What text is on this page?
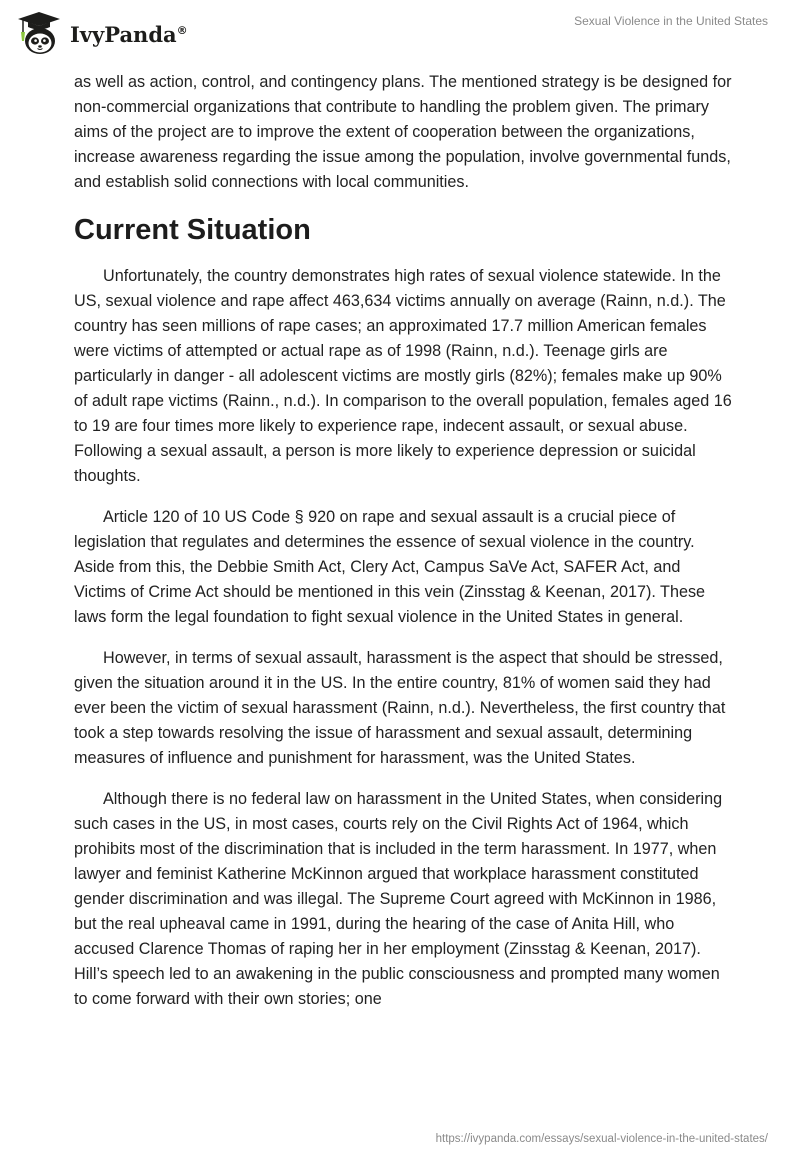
IvyPanda®
Sexual Violence in the United States

as well as action, control, and contingency plans. The mentioned strategy is be designed for non-commercial organizations that contribute to handling the problem given. The primary aims of the project are to improve the extent of cooperation between the organizations, increase awareness regarding the issue among the population, involve governmental funds, and establish solid connections with local communities.

Current Situation

Unfortunately, the country demonstrates high rates of sexual violence statewide. In the US, sexual violence and rape affect 463,634 victims annually on average (Rainn, n.d.). The country has seen millions of rape cases; an approximated 17.7 million American females were victims of attempted or actual rape as of 1998 (Rainn, n.d.). Teenage girls are particularly in danger - all adolescent victims are mostly girls (82%); females make up 90% of adult rape victims (Rainn., n.d.). In comparison to the overall population, females aged 16 to 19 are four times more likely to experience rape, indecent assault, or sexual abuse. Following a sexual assault, a person is more likely to experience depression or suicidal thoughts.

Article 120 of 10 US Code § 920 on rape and sexual assault is a crucial piece of legislation that regulates and determines the essence of sexual violence in the country. Aside from this, the Debbie Smith Act, Clery Act, Campus SaVe Act, SAFER Act, and Victims of Crime Act should be mentioned in this vein (Zinsstag & Keenan, 2017). These laws form the legal foundation to fight sexual violence in the United States in general.

However, in terms of sexual assault, harassment is the aspect that should be stressed, given the situation around it in the US. In the entire country, 81% of women said they had ever been the victim of sexual harassment (Rainn, n.d.). Nevertheless, the first country that took a step towards resolving the issue of harassment and sexual assault, determining measures of influence and punishment for harassment, was the United States.

Although there is no federal law on harassment in the United States, when considering such cases in the US, in most cases, courts rely on the Civil Rights Act of 1964, which prohibits most of the discrimination that is included in the term harassment. In 1977, when lawyer and feminist Katherine McKinnon argued that workplace harassment constituted gender discrimination and was illegal. The Supreme Court agreed with McKinnon in 1986, but the real upheaval came in 1991, during the hearing of the case of Anita Hill, who accused Clarence Thomas of raping her in her employment (Zinsstag & Keenan, 2017). Hill’s speech led to an awakening in the public consciousness and prompted many women to come forward with their own stories; one

https://ivypanda.com/essays/sexual-violence-in-the-united-states/
